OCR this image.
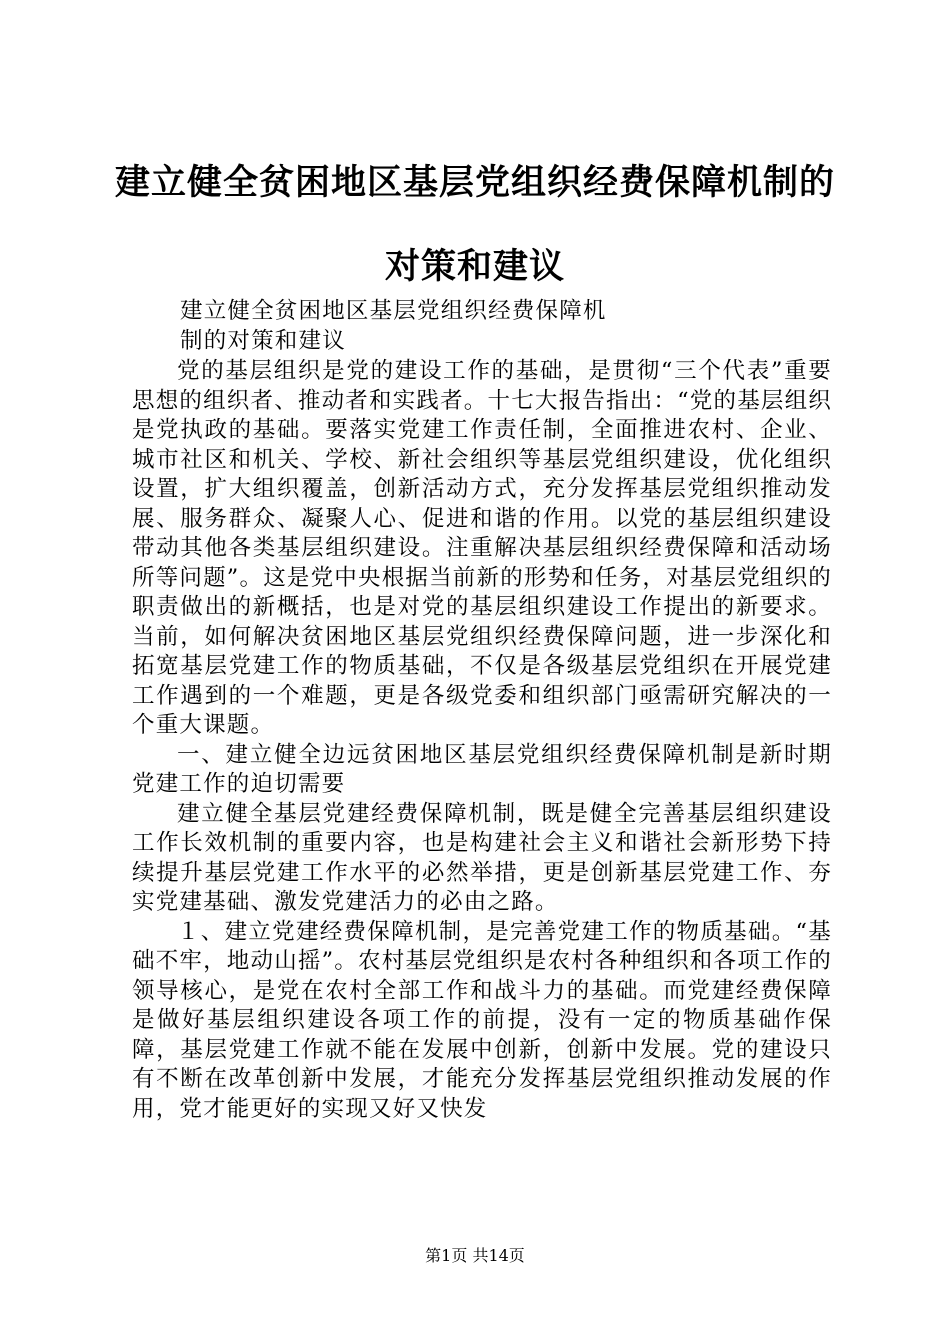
建立健全贫困地区基层党组织经费保障机制的
对策和建议
建立健全贫困地区基层党组织经费保障机
制的对策和建议

党的基层组织是党的建设工作的基础，是贯彻“三个代表”重要思想的组织者、推动者和实践者。十七大报告指出：“党的基层组织是党执政的基础。要落实党建工作责任制，全面推进农村、企业、城市社区和机关、学校、新社会组织等基层党组织建设，优化组织设置，扩大组织覆盖，创新活动方式，充分发挥基层党组织推动发展、服务群众、凝聚人心、促进和谐的作用。以党的基层组织建设带动其他各类基层组织建设。注重解决基层组织经费保障和活动场所等问题”。这是党中央根据当前新的形势和任务，对基层党组织的职责做出的新概括，也是对党的基层组织建设工作提出的新要求。当前，如何解决贫困地区基层党组织经费保障问题，进一步深化和拓宽基层党建工作的物质基础，不仅是各级基层党组织在开展党建工作遇到的一个难题，更是各级党委和组织部门亟需研究解决的一个重大课题。

一、建立健全边远贫困地区基层党组织经费保障机制是新时期党建工作的迫切需要

建立健全基层党建经费保障机制，既是健全完善基层组织建设工作长效机制的重要内容，也是构建社会主义和谐社会新形势下持续提升基层党建工作水平的必然举措，更是创新基层党建工作、夯实党建基础、激发党建活力的必由之路。

１、建立党建经费保障机制，是完善党建工作的物质基础。“基础不牢，地动山摇”。农村基层党组织是农村各种组织和各项工作的领导核心，是党在农村全部工作和战斗力的基础。而党建经费保障是做好基层组织建设各项工作的前提，没有一定的物质基础作保障，基层党建工作就不能在发展中创新，创新中发展。党的建设只有不断在改革创新中发展，才能充分发挥基层党组织推动发展的作用，党才能更好的实现又好又快发

第1页 共14页
